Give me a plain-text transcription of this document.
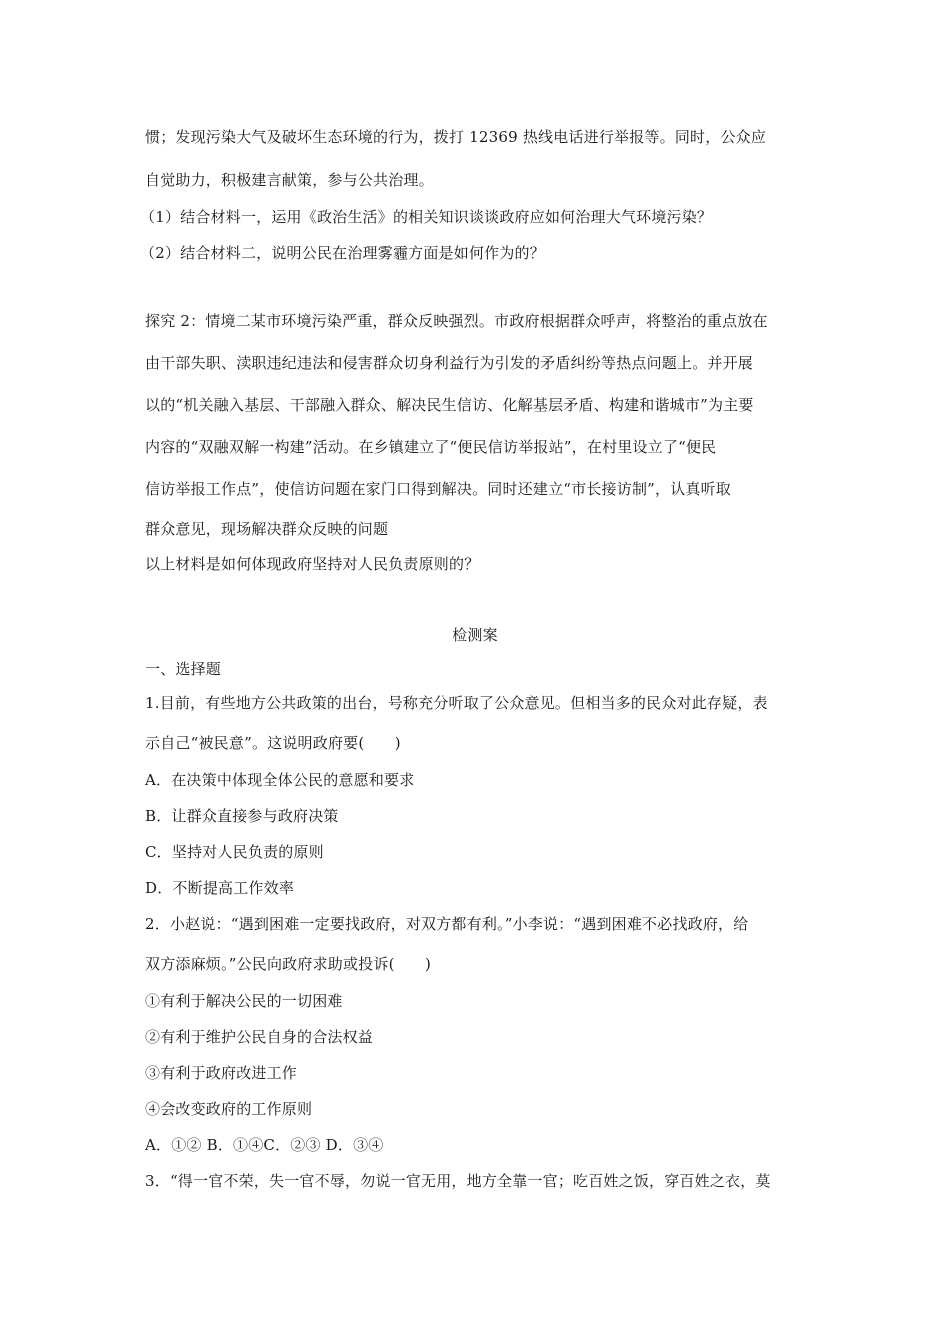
惯；发现污染大气及破坏生态环境的行为，拨打 12369 热线电话进行举报等。同时，公众应
自觉助力，积极建言献策，参与公共治理。
（1）结合材料一，运用《政治生活》的相关知识谈谈政府应如何治理大气环境污染？
（2）结合材料二，说明公民在治理雾霾方面是如何作为的？
探究 2：情境二某市环境污染严重，群众反映强烈。市政府根据群众呼声，将整治的重点放在
由干部失职、渎职违纪违法和侵害群众切身利益行为引发的矛盾纠纷等热点问题上。并开展
以的“机关融入基层、干部融入群众、解决民生信访、化解基层矛盾、构建和谐城市”为主要
内容的“双融双解一构建”活动。在乡镇建立了“便民信访举报站”，在村里设立了“便民
信访举报工作点”，使信访问题在家门口得到解决。同时还建立“市长接访制”，认真听取
群众意见，现场解决群众反映的问题
以上材料是如何体现政府坚持对人民负责原则的？
检测案
一、选择题
1.目前，有些地方公共政策的出台，号称充分听取了公众意见。但相当多的民众对此存疑，表
示自己“被民意”。这说明政府要(　　)
A．在决策中体现全体公民的意愿和要求
B．让群众直接参与政府决策
C．坚持对人民负责的原则
D．不断提高工作效率
2．小赵说：“遇到困难一定要找政府，对双方都有利。”小李说：“遇到困难不必找政府，给
双方添麻烦。”公民向政府求助或投诉(　　)
①有利于解决公民的一切困难
②有利于维护公民自身的合法权益
③有利于政府改进工作
④会改变政府的工作原则
A．①② B．①④C．②③ D．③④
3．“得一官不荣，失一官不辱，勿说一官无用，地方全靠一官；吃百姓之饭，穿百姓之衣，莫
